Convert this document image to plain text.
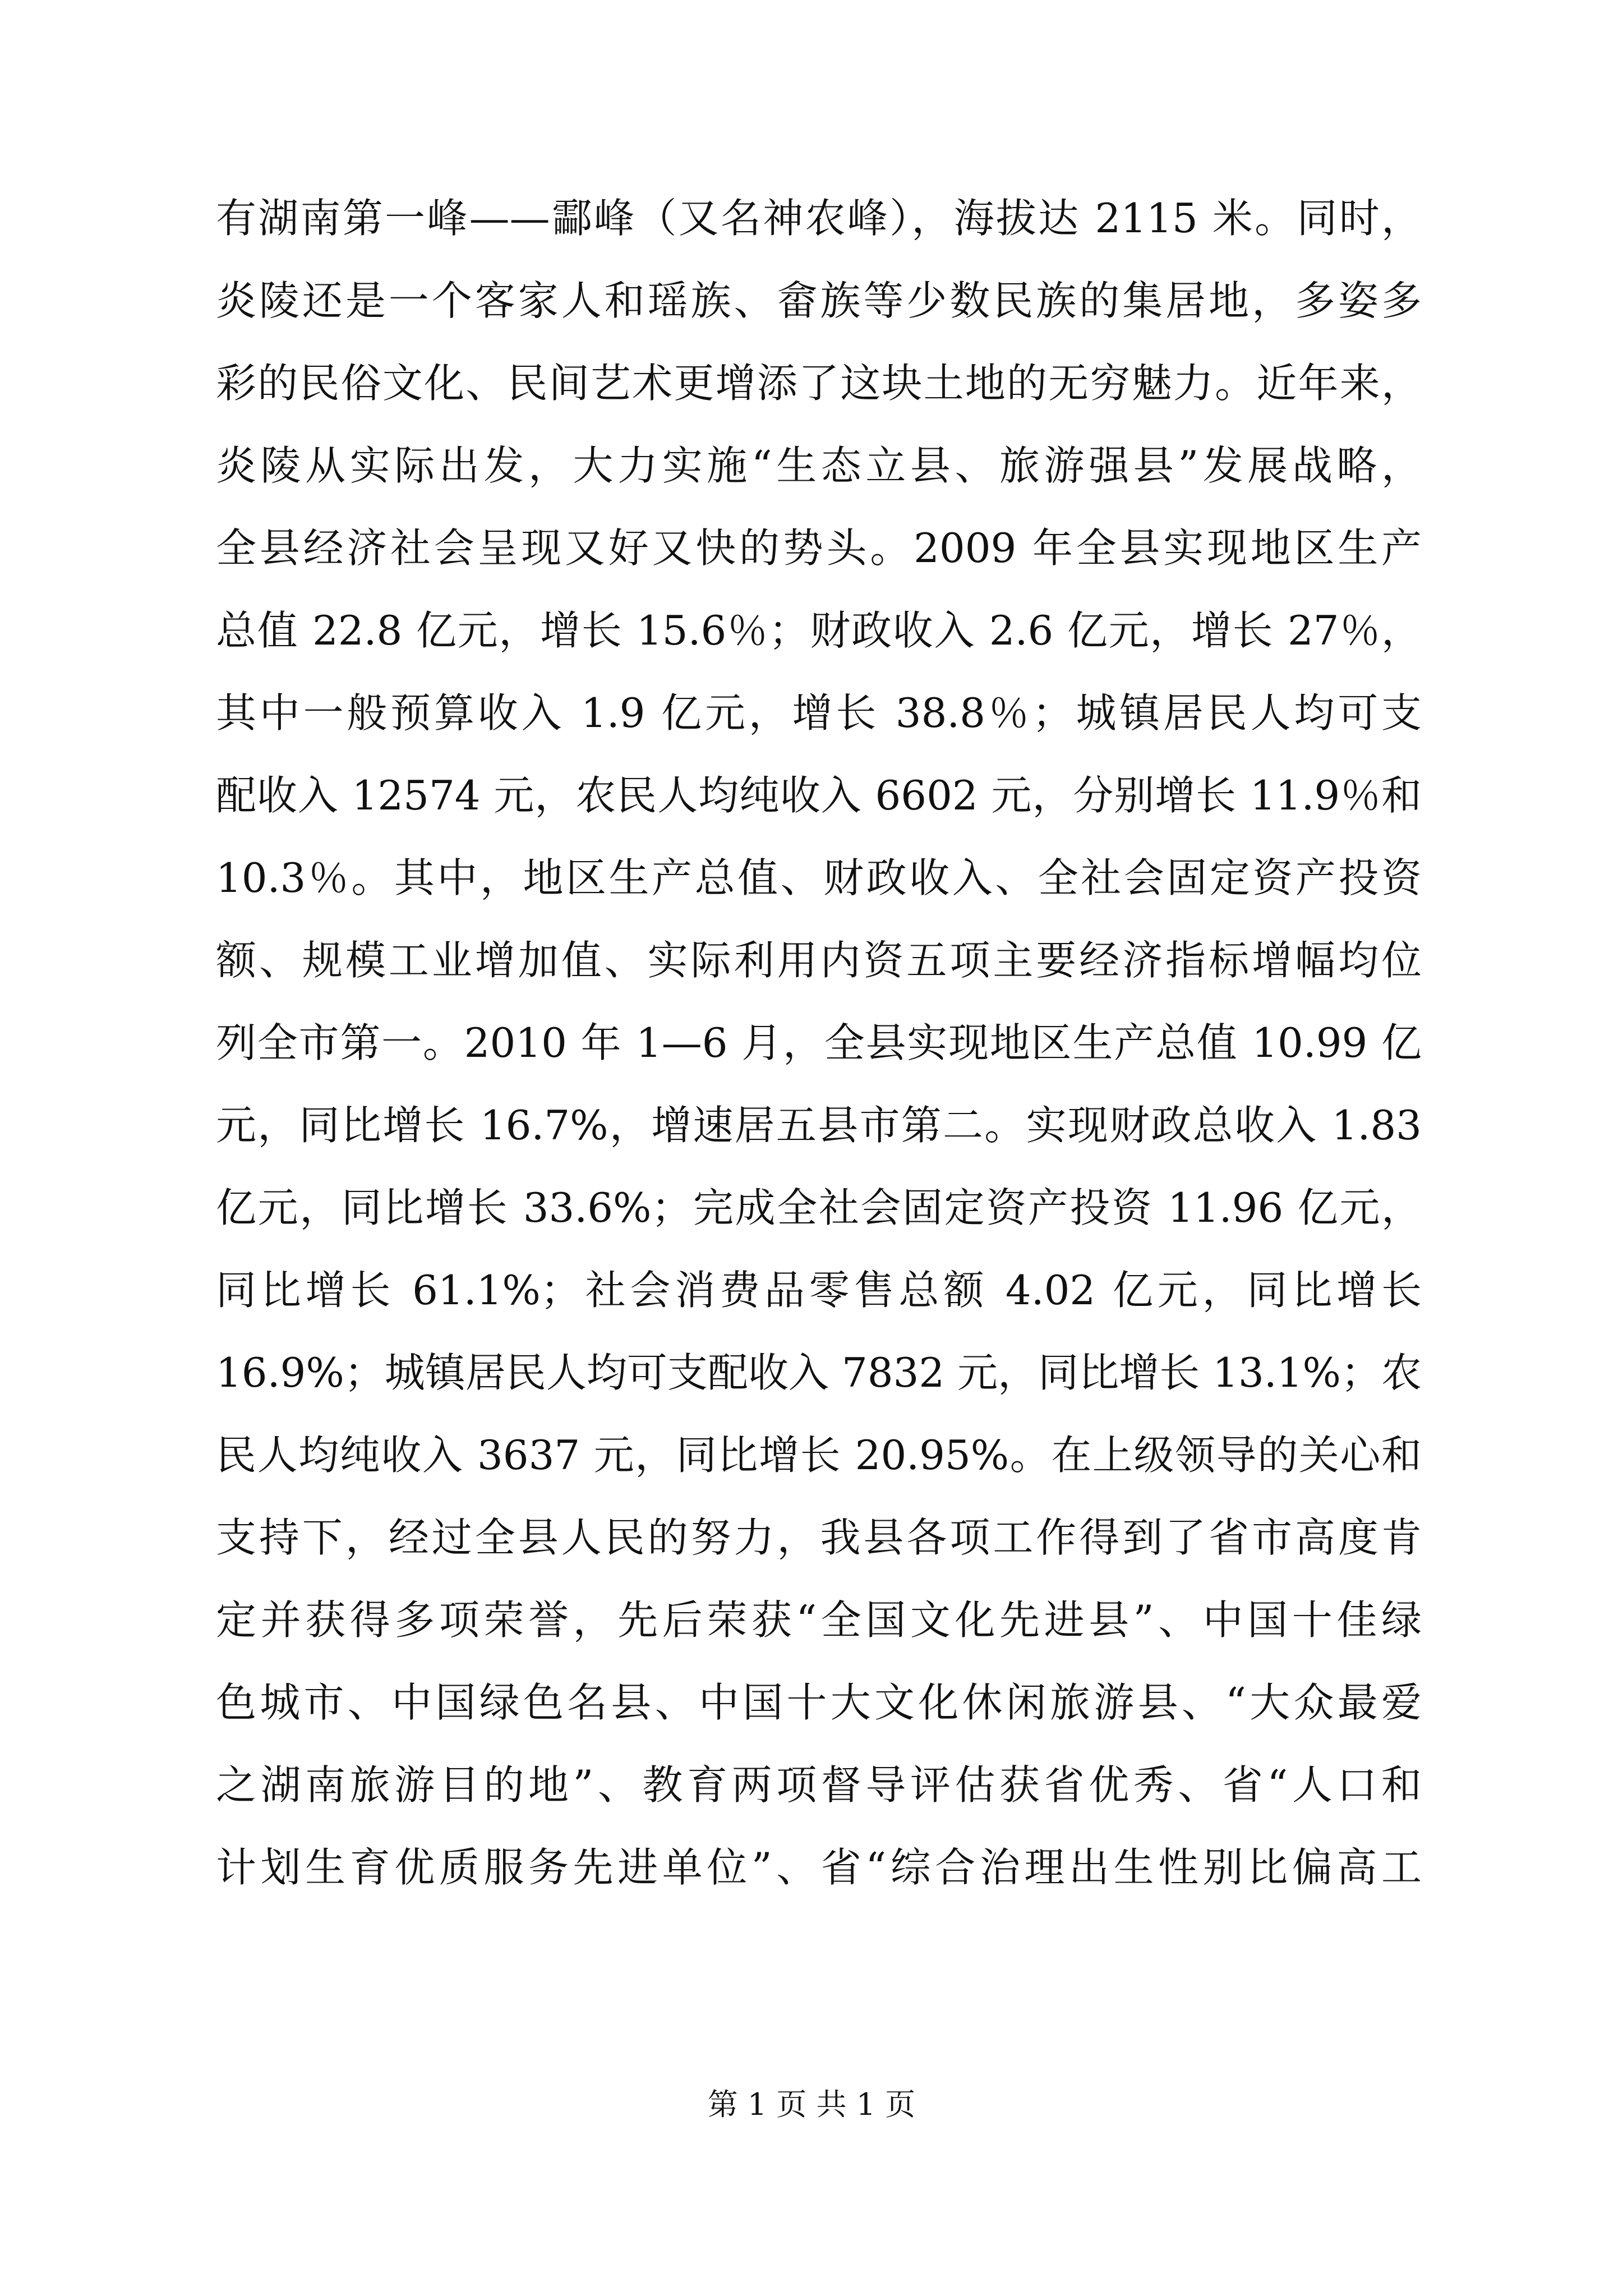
有湖南第一峰——酃峰（又名神农峰），海拔达 2115 米。同时，
炎陵还是一个客家人和瑶族、畲族等少数民族的集居地，多姿多
彩的民俗文化、民间艺术更增添了这块土地的无穷魅力。近年来，
炎陵从实际出发，大力实施“生态立县、旅游强县”发展战略，
全县经济社会呈现又好又快的势头。2009 年全县实现地区生产
总值 22.8 亿元，增长 15.6％；财政收入 2.6 亿元，增长 27％，
其中一般预算收入 1.9 亿元，增长 38.8％；城镇居民人均可支
配收入 12574 元，农民人均纯收入 6602 元，分别增长 11.9％和
10.3％。其中，地区生产总值、财政收入、全社会固定资产投资
额、规模工业增加值、实际利用内资五项主要经济指标增幅均位
列全市第一。2010 年 1—6 月，全县实现地区生产总值 10.99 亿
元，同比增长 16.7%，增速居五县市第二。实现财政总收入 1.83
亿元，同比增长 33.6%；完成全社会固定资产投资 11.96 亿元，
同比增长 61.1%；社会消费品零售总额 4.02 亿元，同比增长
16.9%；城镇居民人均可支配收入 7832 元，同比增长 13.1%；农
民人均纯收入 3637 元，同比增长 20.95%。在上级领导的关心和
支持下，经过全县人民的努力，我县各项工作得到了省市高度肯
定并获得多项荣誉，先后荣获“全国文化先进县”、中国十佳绿
色城市、中国绿色名县、中国十大文化休闲旅游县、“大众最爱
之湖南旅游目的地”、教育两项督导评估获省优秀、省“人口和
计划生育优质服务先进单位”、省“综合治理出生性别比偏高工
第 1 页 共 1 页
